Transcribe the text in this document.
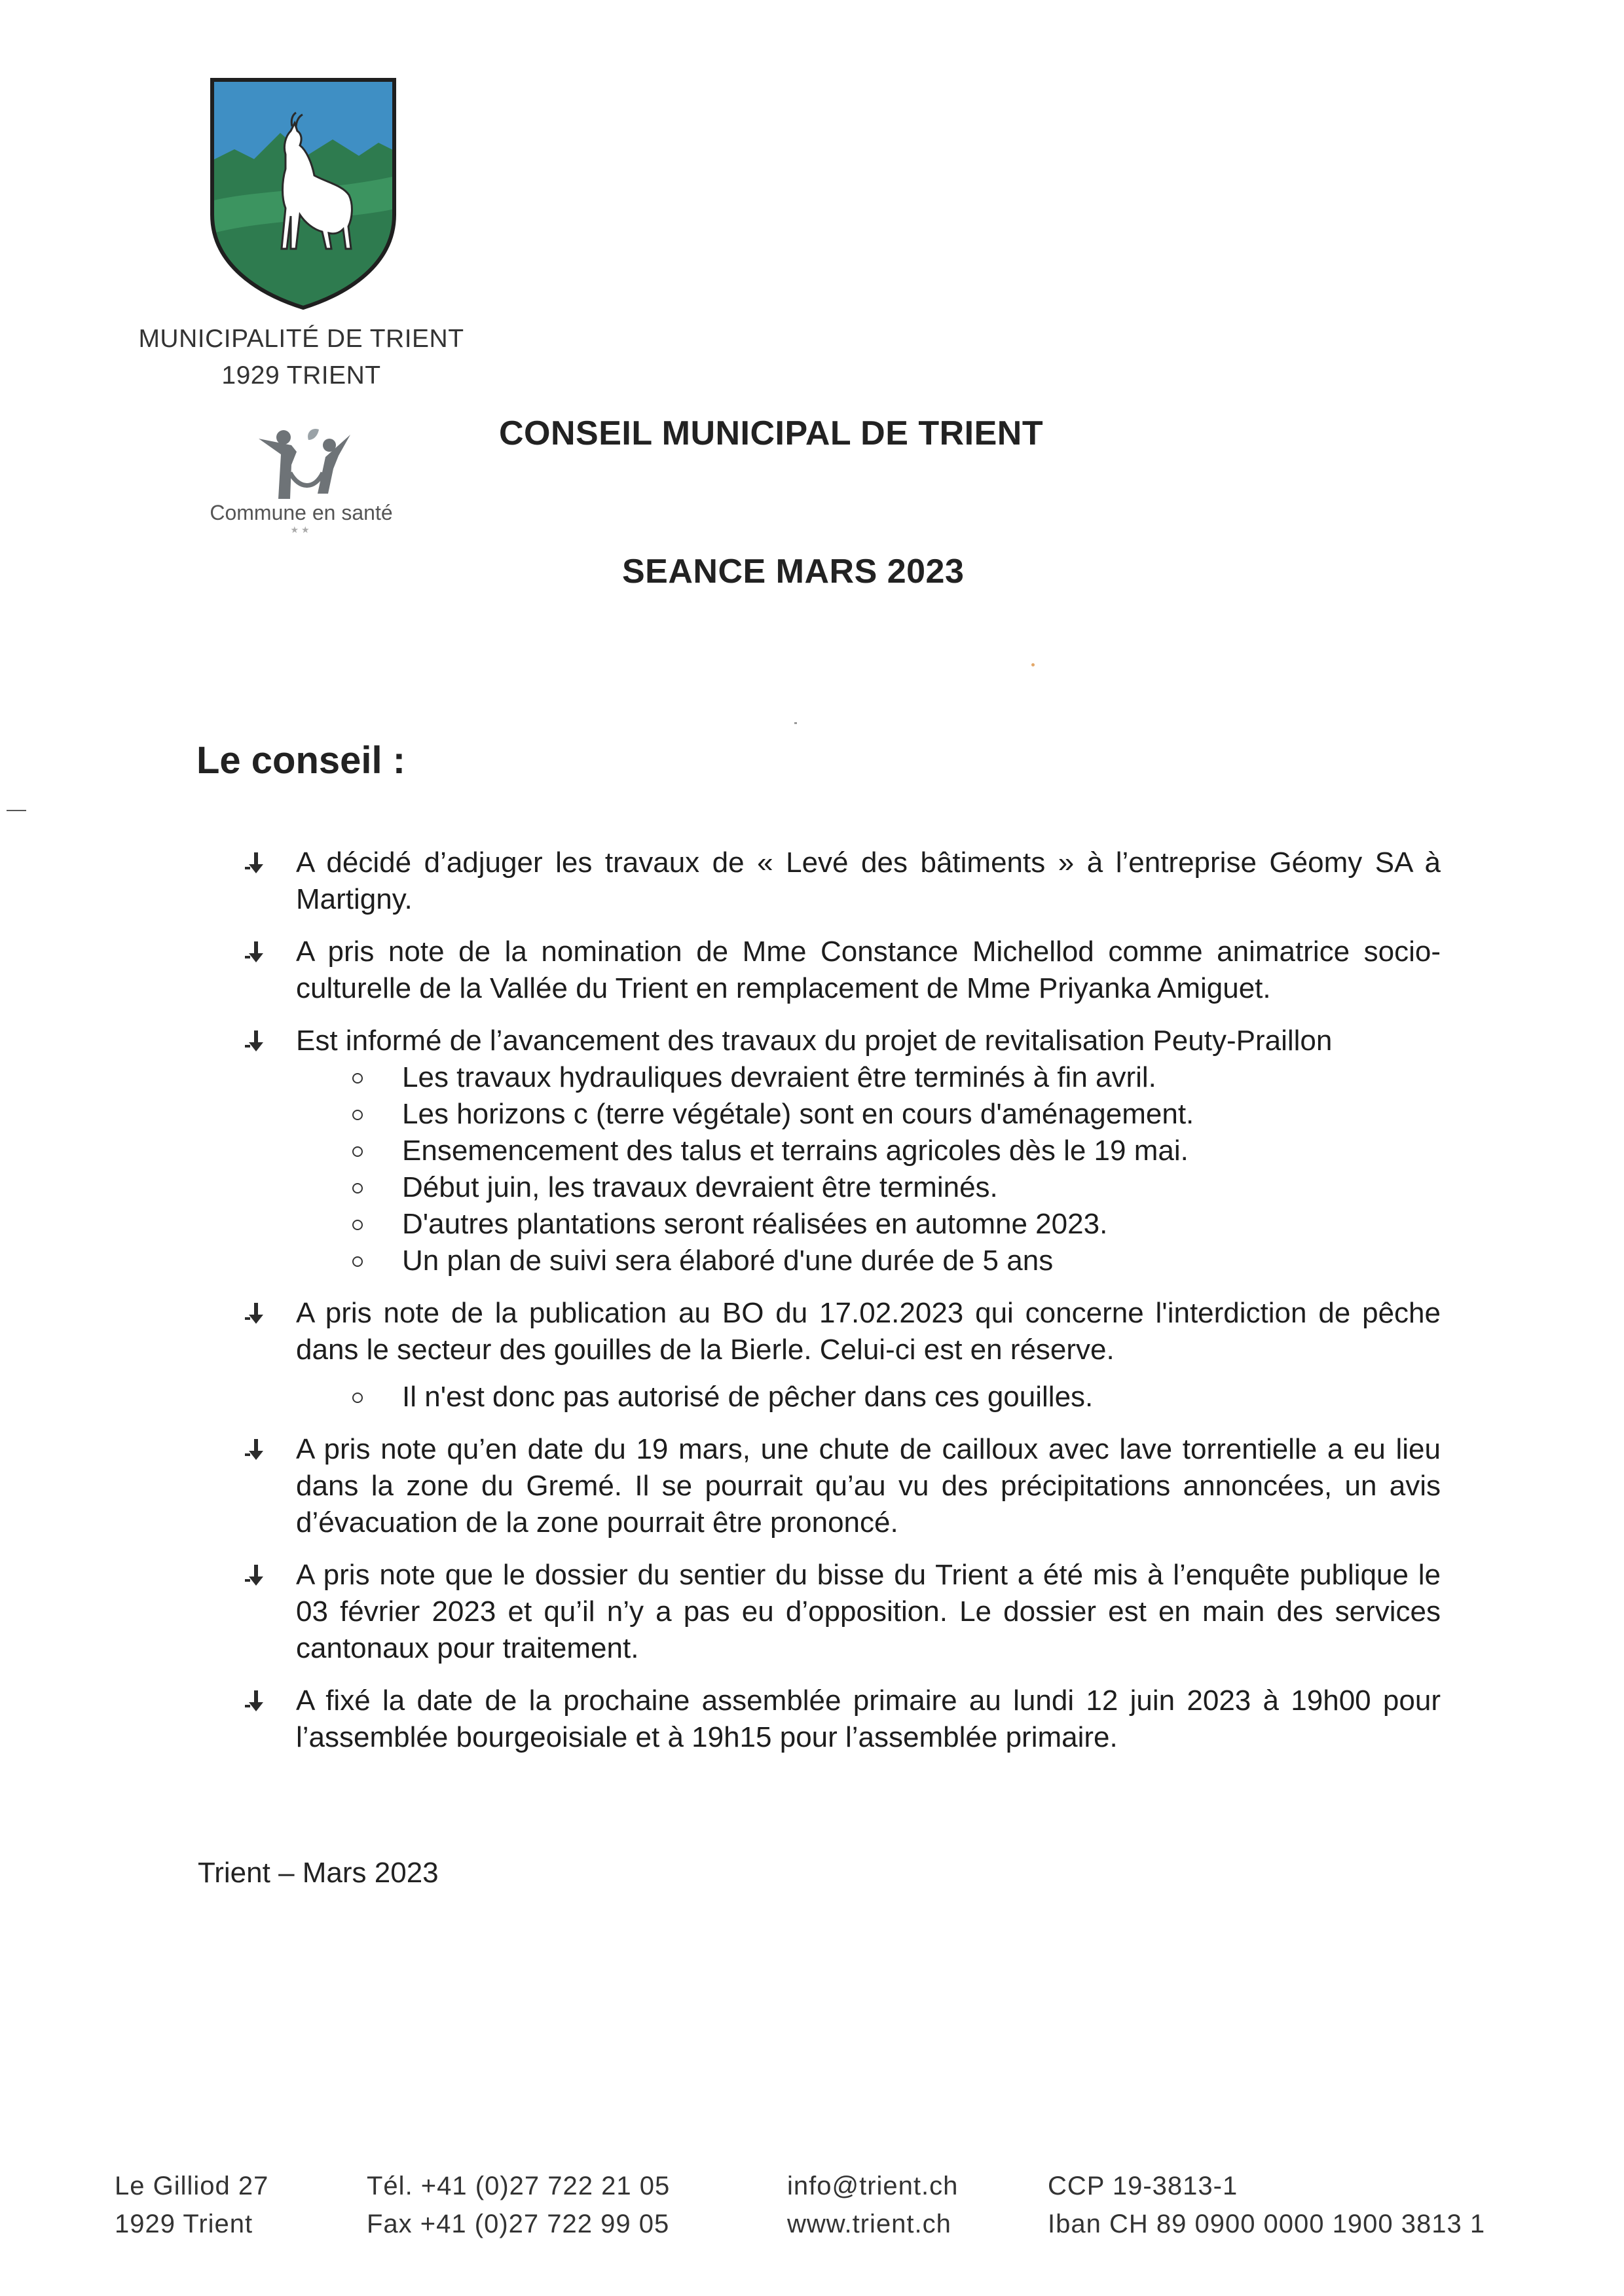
MUNICIPALITÉ DE TRIENT
1929 TRIENT
Commune en santé
★★
CONSEIL MUNICIPAL DE TRIENT
SEANCE MARS 2023
Le conseil :
A décidé d’adjuger les travaux de « Levé des bâtiments » à l’entreprise Géomy SA à Martigny.
A pris note de la nomination de Mme Constance Michellod comme animatrice socio-culturelle de la Vallée du Trient en remplacement de Mme Priyanka Amiguet.
Est informé de l’avancement des travaux du projet de revitalisation Peuty-Praillon
Les travaux hydrauliques devraient être terminés à fin avril.
Les horizons c (terre végétale) sont en cours d'aménagement.
Ensemencement des talus et terrains agricoles dès le 19 mai.
Début juin, les travaux devraient être terminés.
D'autres plantations seront réalisées en automne 2023.
Un plan de suivi sera élaboré d'une durée de 5 ans
A pris note de la publication au BO du 17.02.2023 qui concerne l'interdiction de pêche dans le secteur des gouilles de la Bierle. Celui-ci est en réserve.
Il n'est donc pas autorisé de pêcher dans ces gouilles.
A pris note qu’en date du 19 mars, une chute de cailloux avec lave torrentielle a eu lieu dans la zone du Gremé. Il se pourrait qu’au vu des précipitations annoncées, un avis d’évacuation de la zone pourrait être prononcé.
A pris note que le dossier du sentier du bisse du Trient a été mis à l’enquête publique le 03 février 2023 et qu’il n’y a pas eu d’opposition. Le dossier est en main des services cantonaux pour traitement.
A fixé la date de la prochaine assemblée primaire au lundi 12 juin 2023 à 19h00 pour l’assemblée bourgeoisiale et à 19h15 pour l’assemblée primaire.
Trient – Mars 2023
Le Gilliod 27
1929 Trient
Tél. +41 (0)27 722 21 05
Fax +41 (0)27 722 99 05
info@trient.ch
www.trient.ch
CCP 19-3813-1
Iban CH 89 0900 0000 1900 3813 1
